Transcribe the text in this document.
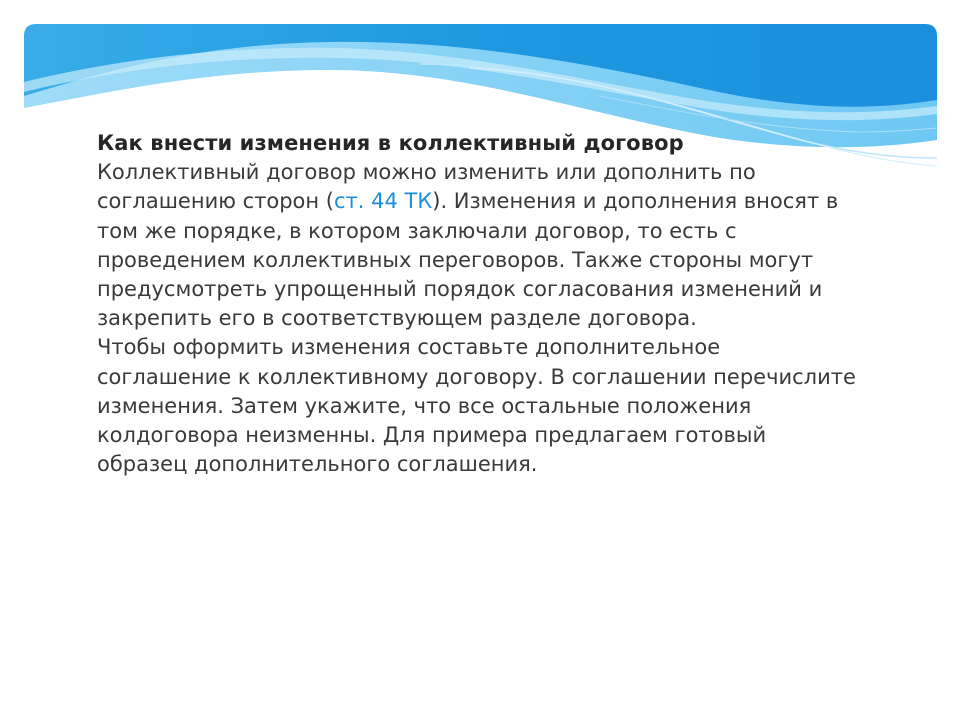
Как внести изменения в коллективный договор

Коллективный договор можно изменить или дополнить по соглашению сторон (ст. 44 ТК). Изменения и дополнения вносят в том же порядке, в котором заключали договор, то есть с проведением коллективных переговоров. Также стороны могут предусмотреть упрощенный порядок согласования изменений и закрепить его в соответствующем разделе договора.

Чтобы оформить изменения составьте дополнительное соглашение к коллективному договору. В соглашении перечислите изменения. Затем укажите, что все остальные положения колдоговора неизменны. Для примера предлагаем готовый образец дополнительного соглашения.
